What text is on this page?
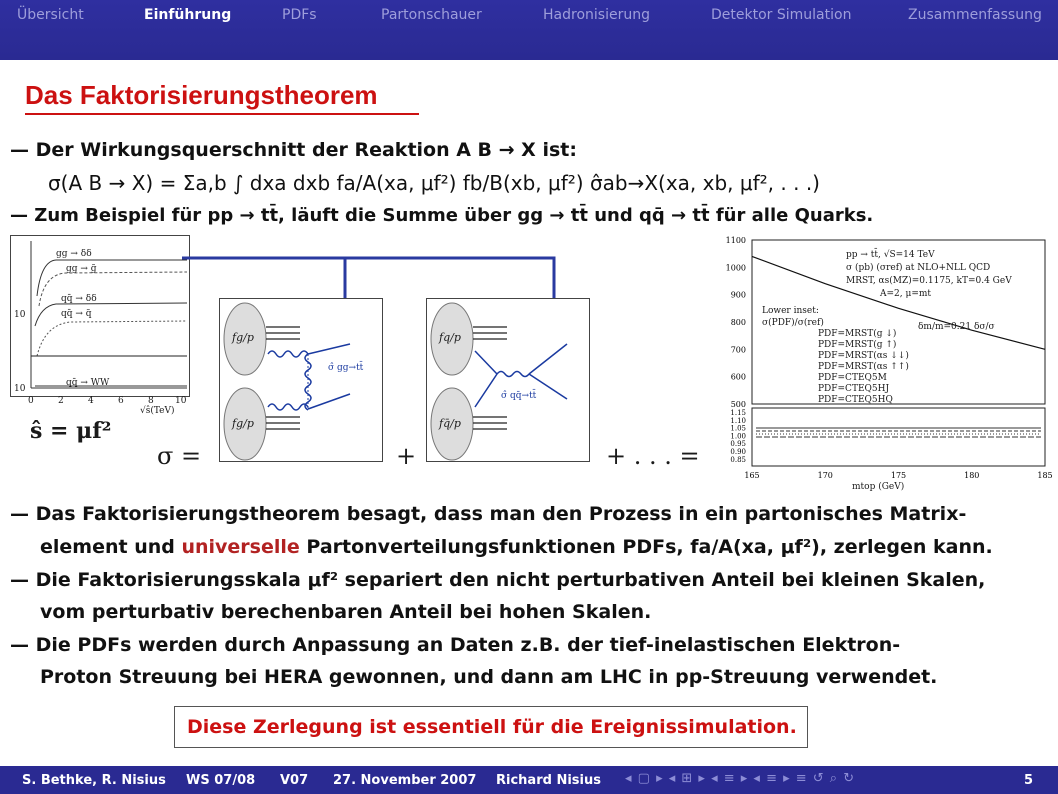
Übersicht	Einführung	PDFs	Partonschauer	Hadronisierung	Detektor Simulation	Zusammenfassung
Das Faktorisierungstheorem
— Der Wirkungsquerschnitt der Reaktion A B → X ist:
σ(A B → X) = Σa,b ∫ dxa dxb fa/A(xa, μf²) fb/B(xb, μf²) σ̂ab→X(xa, xb, μf², . . .)
— Zum Beispiel für pp → tt̄, läuft die Summe über gg → tt̄ und qq̄ → tt̄ für alle Quarks.
gg → δδ
gg → g̃
qq̄ → δδ
qq̄ → q̃
qq̄ → WW
10
10
0	2	4	6	8 10
√ŝ(TeV)
fg/p
fg/p
σ̂ gg→tt̄
fq/p
fq̄/p
σ̂ qq̄→tt̄
ŝ = μf²
σ =	+	+ . . . =
1100
1000
900
800
700
600
500
1.15
1.10
1.05
1.00
0.95
0.90
0.85
165	170	175	180	185
pp → tt̄, √S=14 TeV
σ (pb) (σref) at NLO+NLL QCD
MRST, αs(MZ)=0.1175, kT=0.4 GeV
A=2, μ=mt
δm/m=0.21 δσ/σ
Lower inset:
σ(PDF)/σ(ref)
PDF=MRST(g ↓)
PDF=MRST(g ↑)
PDF=MRST(αs ↓↓)
PDF=MRST(αs ↑↑)
PDF=CTEQ5M
PDF=CTEQ5HJ
PDF=CTEQ5HQ
mtop (GeV)
— Das Faktorisierungstheorem besagt, dass man den Prozess in ein partonisches Matrix-
element und universelle Partonverteilungsfunktionen PDFs, fa/A(xa, μf²), zerlegen kann.
— Die Faktorisierungsskala μf² separiert den nicht perturbativen Anteil bei kleinen Skalen,
vom perturbativ berechenbaren Anteil bei hohen Skalen.
— Die PDFs werden durch Anpassung an Daten z.B. der tief-inelastischen Elektron-
Proton Streuung bei HERA gewonnen, und dann am LHC in pp-Streuung verwendet.
Diese Zerlegung ist essentiell für die Ereignissimulation.
S. Bethke, R. Nisius WS 07/08 V07 27. November 2007 Richard Nisius ◂ ▢ ▸ ◂ ⊞ ▸ ◂ ≡ ▸ ◂ ≡ ▸ ≡ ↺ ⌕ ↻	5
